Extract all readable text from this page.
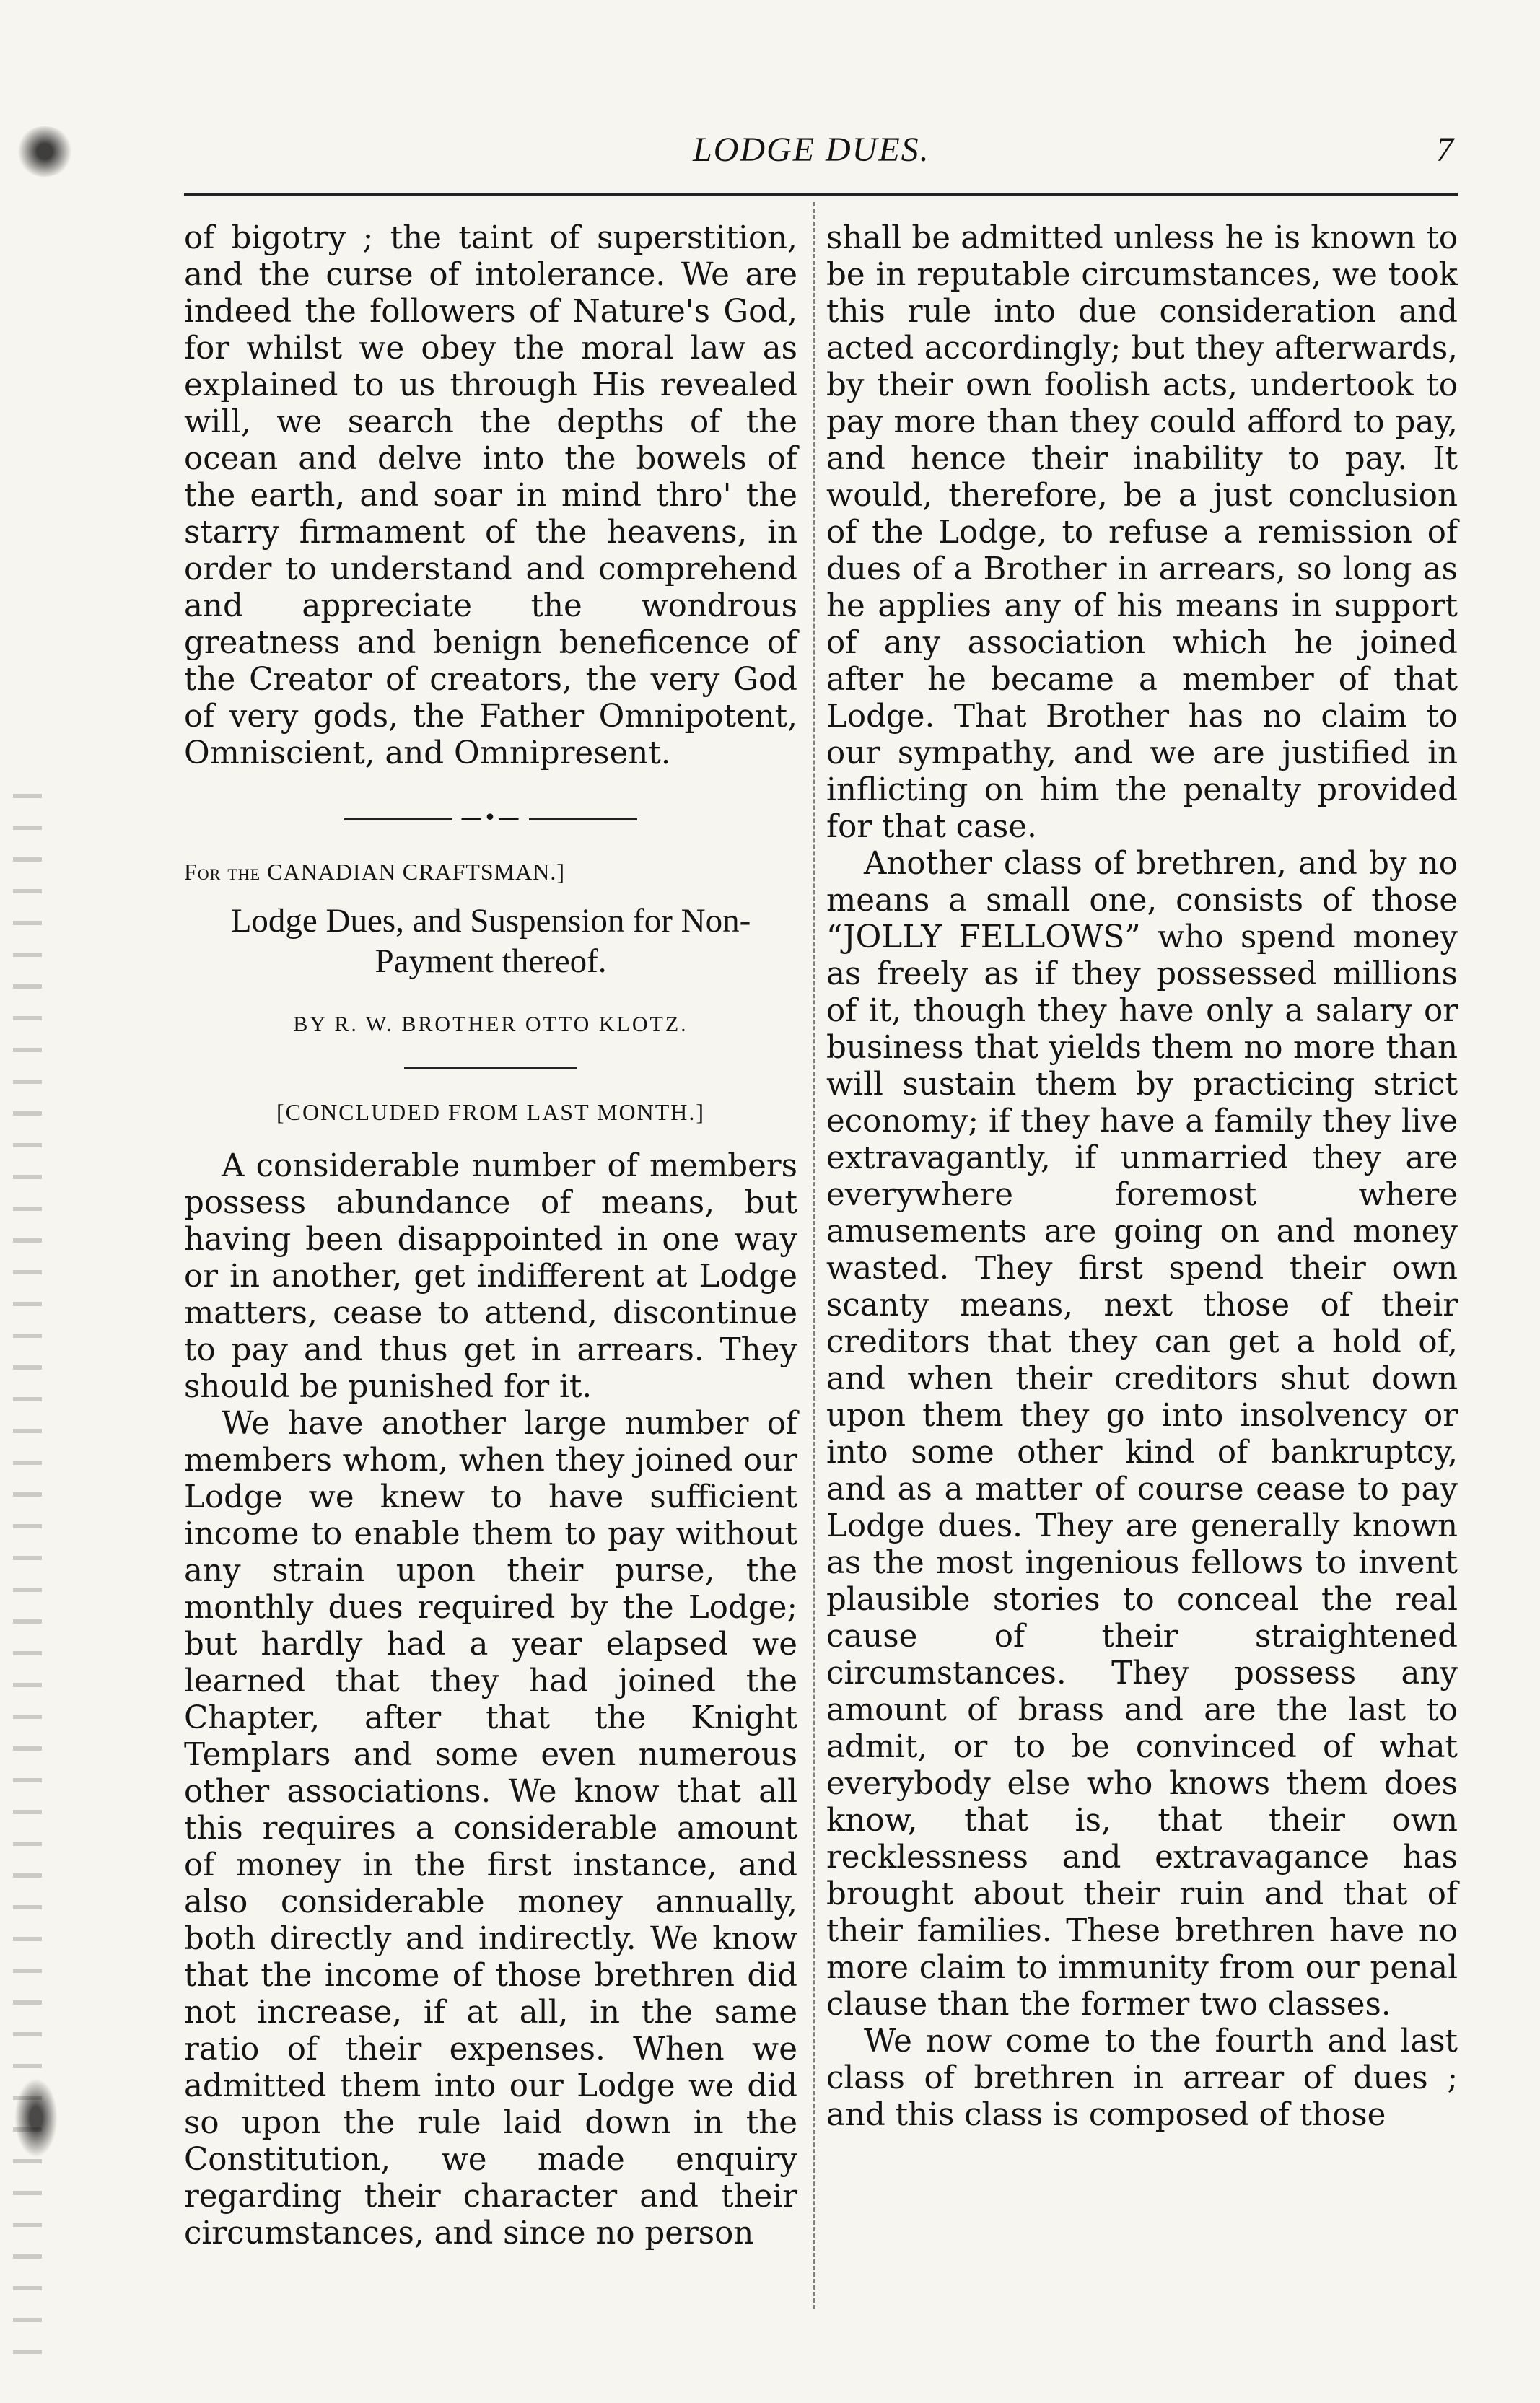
LODGE DUES.	7

of bigotry ; the taint of superstition, and the curse of intolerance. We are indeed the followers of Nature's God, for whilst we obey the moral law as explained to us through His revealed will, we search the depths of the ocean and delve into the bowels of the earth, and soar in mind thro' the starry firmament of the heavens, in order to understand and comprehend and appreciate the wondrous greatness and benign beneficence of the Creator of creators, the very God of very gods, the Father Omnipotent, Omniscient, and Omnipresent.

—•—
For the CANADIAN CRAFTSMAN.]
Lodge Dues, and Suspension for Non-Payment thereof.
BY R. W. BROTHER OTTO KLOTZ.
[CONCLUDED FROM LAST MONTH.]

A considerable number of members possess abundance of means, but having been disappointed in one way or in another, get indifferent at Lodge matters, cease to attend, discontinue to pay and thus get in arrears. They should be punished for it.

We have another large number of members whom, when they joined our Lodge we knew to have sufficient income to enable them to pay without any strain upon their purse, the monthly dues required by the Lodge; but hardly had a year elapsed we learned that they had joined the Chapter, after that the Knight Templars and some even numerous other associations. We know that all this requires a considerable amount of money in the first instance, and also considerable money annually, both directly and indirectly. We know that the income of those brethren did not increase, if at all, in the same ratio of their expenses. When we admitted them into our Lodge we did so upon the rule laid down in the Constitution, we made enquiry regarding their character and their circumstances, and since no person

shall be admitted unless he is known to be in reputable circumstances, we took this rule into due consideration and acted accordingly; but they afterwards, by their own foolish acts, undertook to pay more than they could afford to pay, and hence their inability to pay. It would, therefore, be a just conclusion of the Lodge, to refuse a remission of dues of a Brother in arrears, so long as he applies any of his means in support of any association which he joined after he became a member of that Lodge. That Brother has no claim to our sympathy, and we are justified in inflicting on him the penalty provided for that case.

Another class of brethren, and by no means a small one, consists of those “JOLLY FELLOWS” who spend money as freely as if they possessed millions of it, though they have only a salary or business that yields them no more than will sustain them by practicing strict economy; if they have a family they live extravagantly, if unmarried they are everywhere foremost where amusements are going on and money wasted. They first spend their own scanty means, next those of their creditors that they can get a hold of, and when their creditors shut down upon them they go into insolvency or into some other kind of bankruptcy, and as a matter of course cease to pay Lodge dues. They are generally known as the most ingenious fellows to invent plausible stories to conceal the real cause of their straightened circumstances. They possess any amount of brass and are the last to admit, or to be convinced of what everybody else who knows them does know, that is, that their own recklessness and extravagance has brought about their ruin and that of their families. These brethren have no more claim to immunity from our penal clause than the former two classes.

We now come to the fourth and last class of brethren in arrear of dues ; and this class is composed of those
